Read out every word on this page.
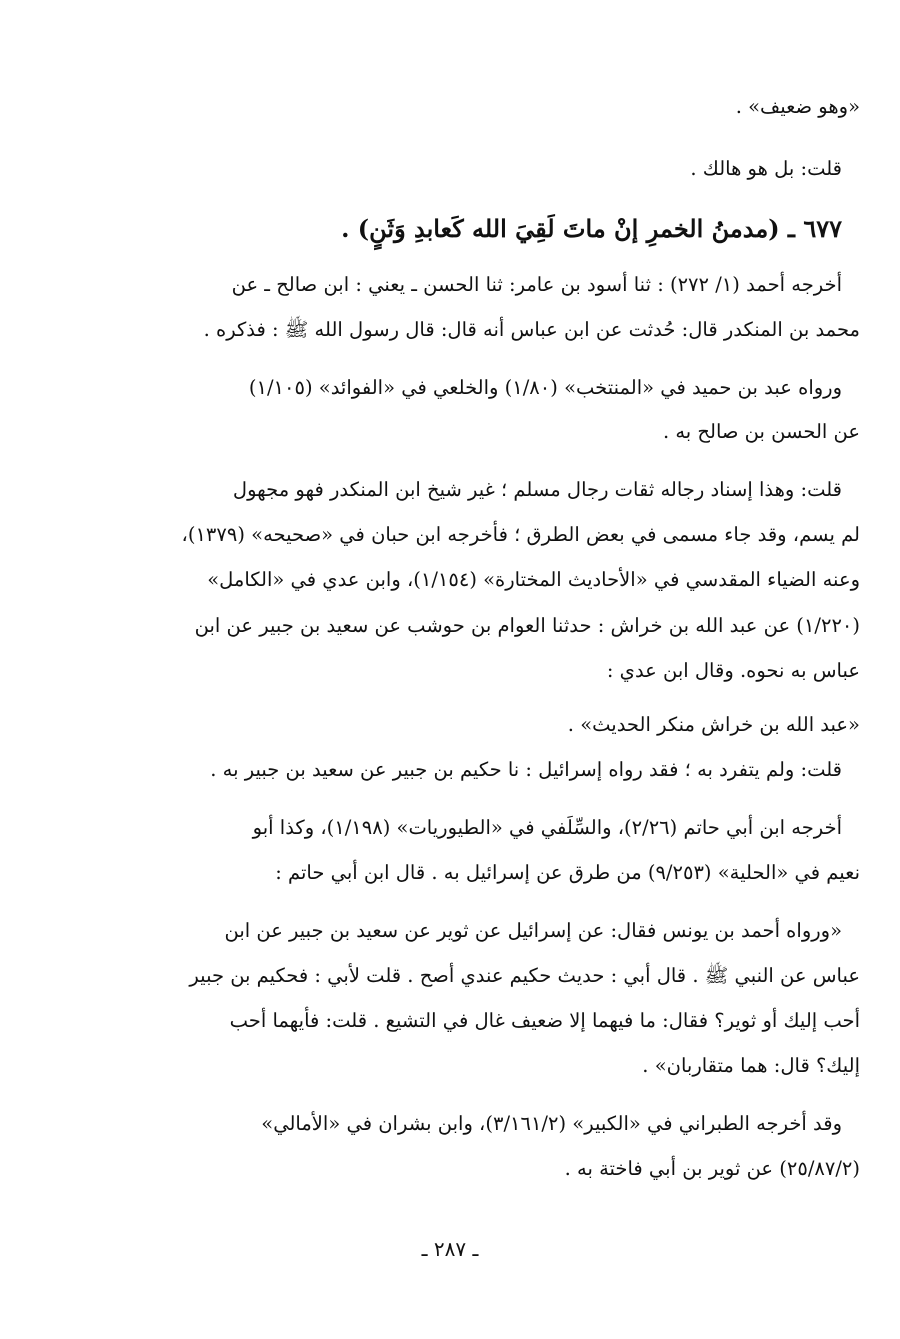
«وهو ضعيف» .
قلت: بل هو هالك .
٦٧٧ ـ (مدمنُ الخمرِ إنْ ماتَ لَقِيَ الله كَعابدِ وَثَنٍ) .
أخرجه أحمد (١/ ٢٧٢) : ثنا أسود بن عامر: ثنا الحسن ـ يعني : ابن صالح ـ عن
محمد بن المنكدر قال: حُدثت عن ابن عباس أنه قال: قال رسول الله ﷺ : فذكره .
ورواه عبد بن حميد في «المنتخب» (١/٨٠) والخلعي في «الفوائد» (١/١٠٥)
عن الحسن بن صالح به .
قلت: وهذا إسناد رجاله ثقات رجال مسلم ؛ غير شيخ ابن المنكدر فهو مجهول
لم يسم، وقد جاء مسمى في بعض الطرق ؛ فأخرجه ابن حبان في «صحيحه» (١٣٧٩)،
وعنه الضياء المقدسي في «الأحاديث المختارة» (١/١٥٤)، وابن عدي في «الكامل»
(١/٢٢٠) عن عبد الله بن خراش : حدثنا العوام بن حوشب عن سعيد بن جبير عن ابن
عباس به نحوه. وقال ابن عدي :
«عبد الله بن خراش منكر الحديث» .
قلت: ولم يتفرد به ؛ فقد رواه إسرائيل : نا حكيم بن جبير عن سعيد بن جبير به .
أخرجه ابن أبي حاتم (٢/٢٦)، والسِّلَفي في «الطيوريات» (١/١٩٨)، وكذا أبو
نعيم في «الحلية» (٩/٢٥٣) من طرق عن إسرائيل به . قال ابن أبي حاتم :
«ورواه أحمد بن يونس فقال: عن إسرائيل عن ثوير عن سعيد بن جبير عن ابن
عباس عن النبي ﷺ . قال أبي : حديث حكيم عندي أصح . قلت لأبي : فحكيم بن جبير
أحب إليك أو ثوير؟ فقال: ما فيهما إلا ضعيف غال في التشيع . قلت: فأيهما أحب
إليك؟ قال: هما متقاربان» .
وقد أخرجه الطبراني في «الكبير» (٣/١٦١/٢)، وابن بشران في «الأمالي»
(٢٥/٨٧/٢) عن ثوير بن أبي فاختة به .
ـ ٢٨٧ ـ
